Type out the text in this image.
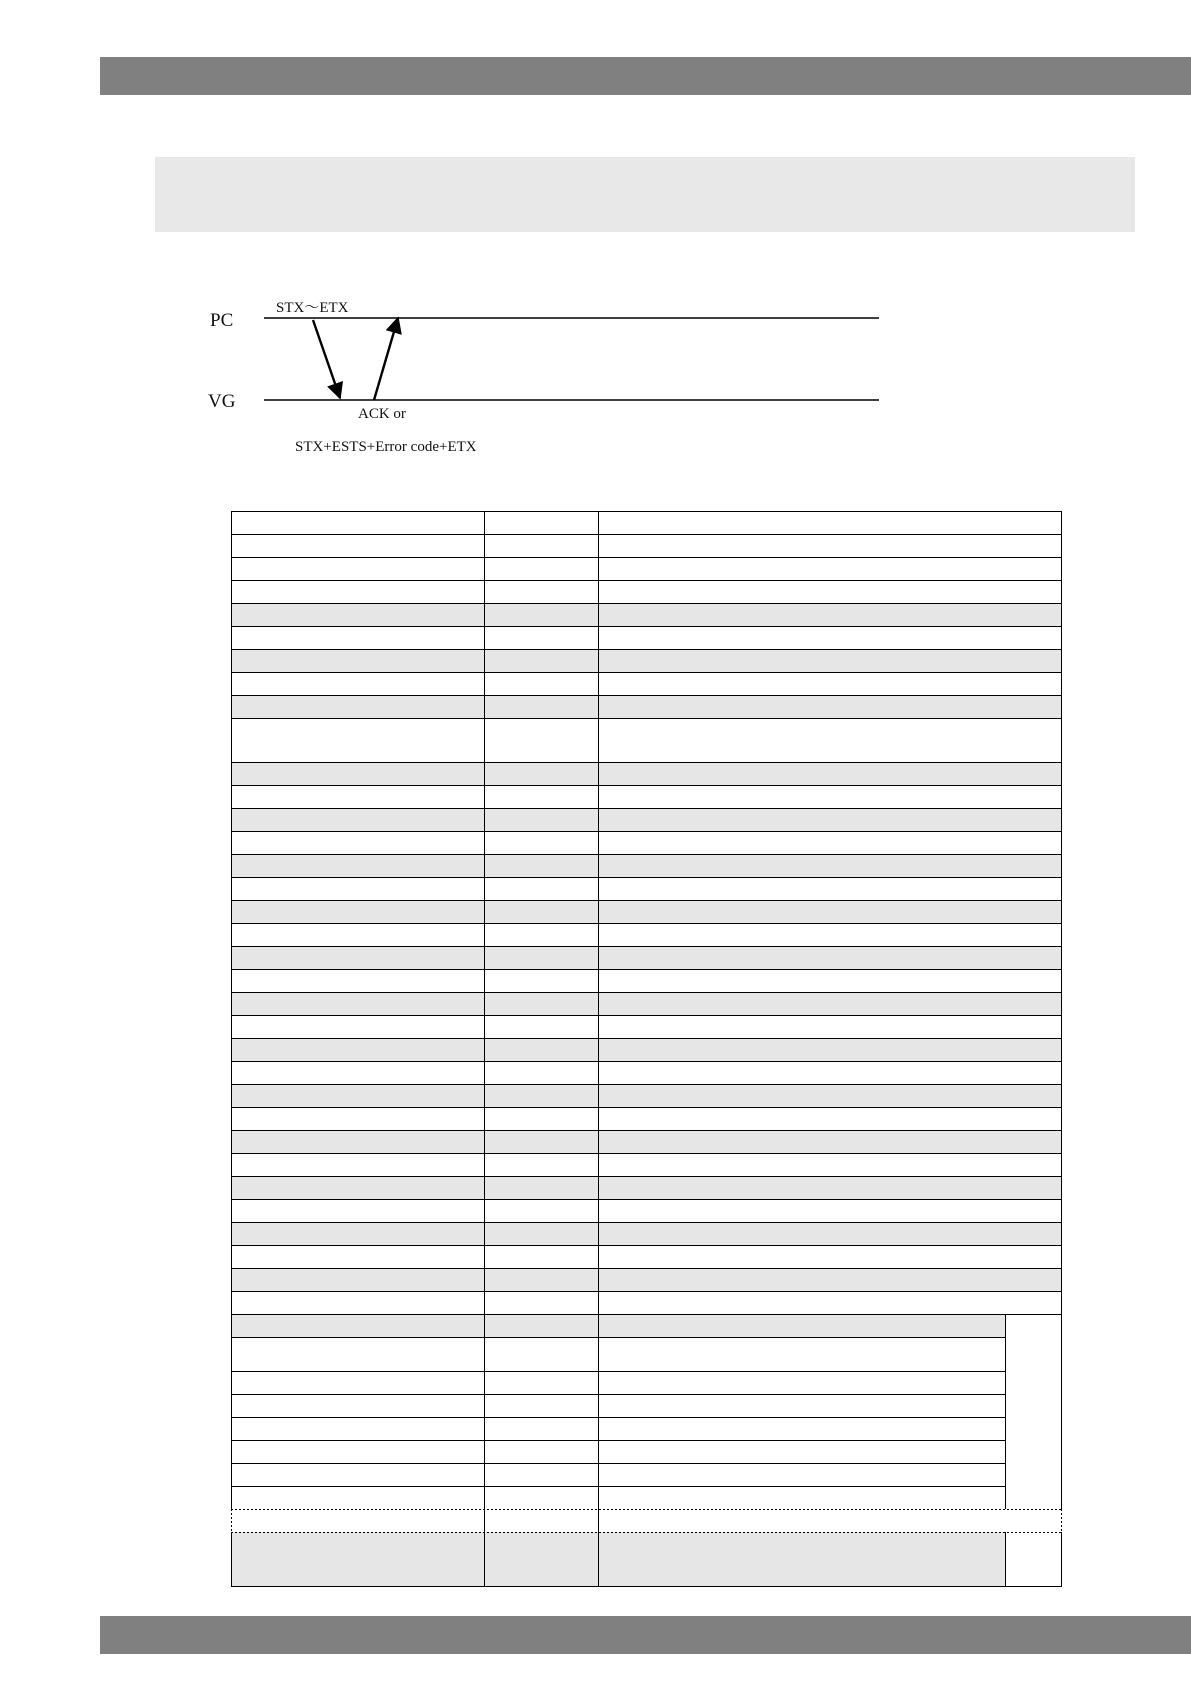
PC
VG
STX～ETX
ACK or
STX+ESTS+Error code+ETX
